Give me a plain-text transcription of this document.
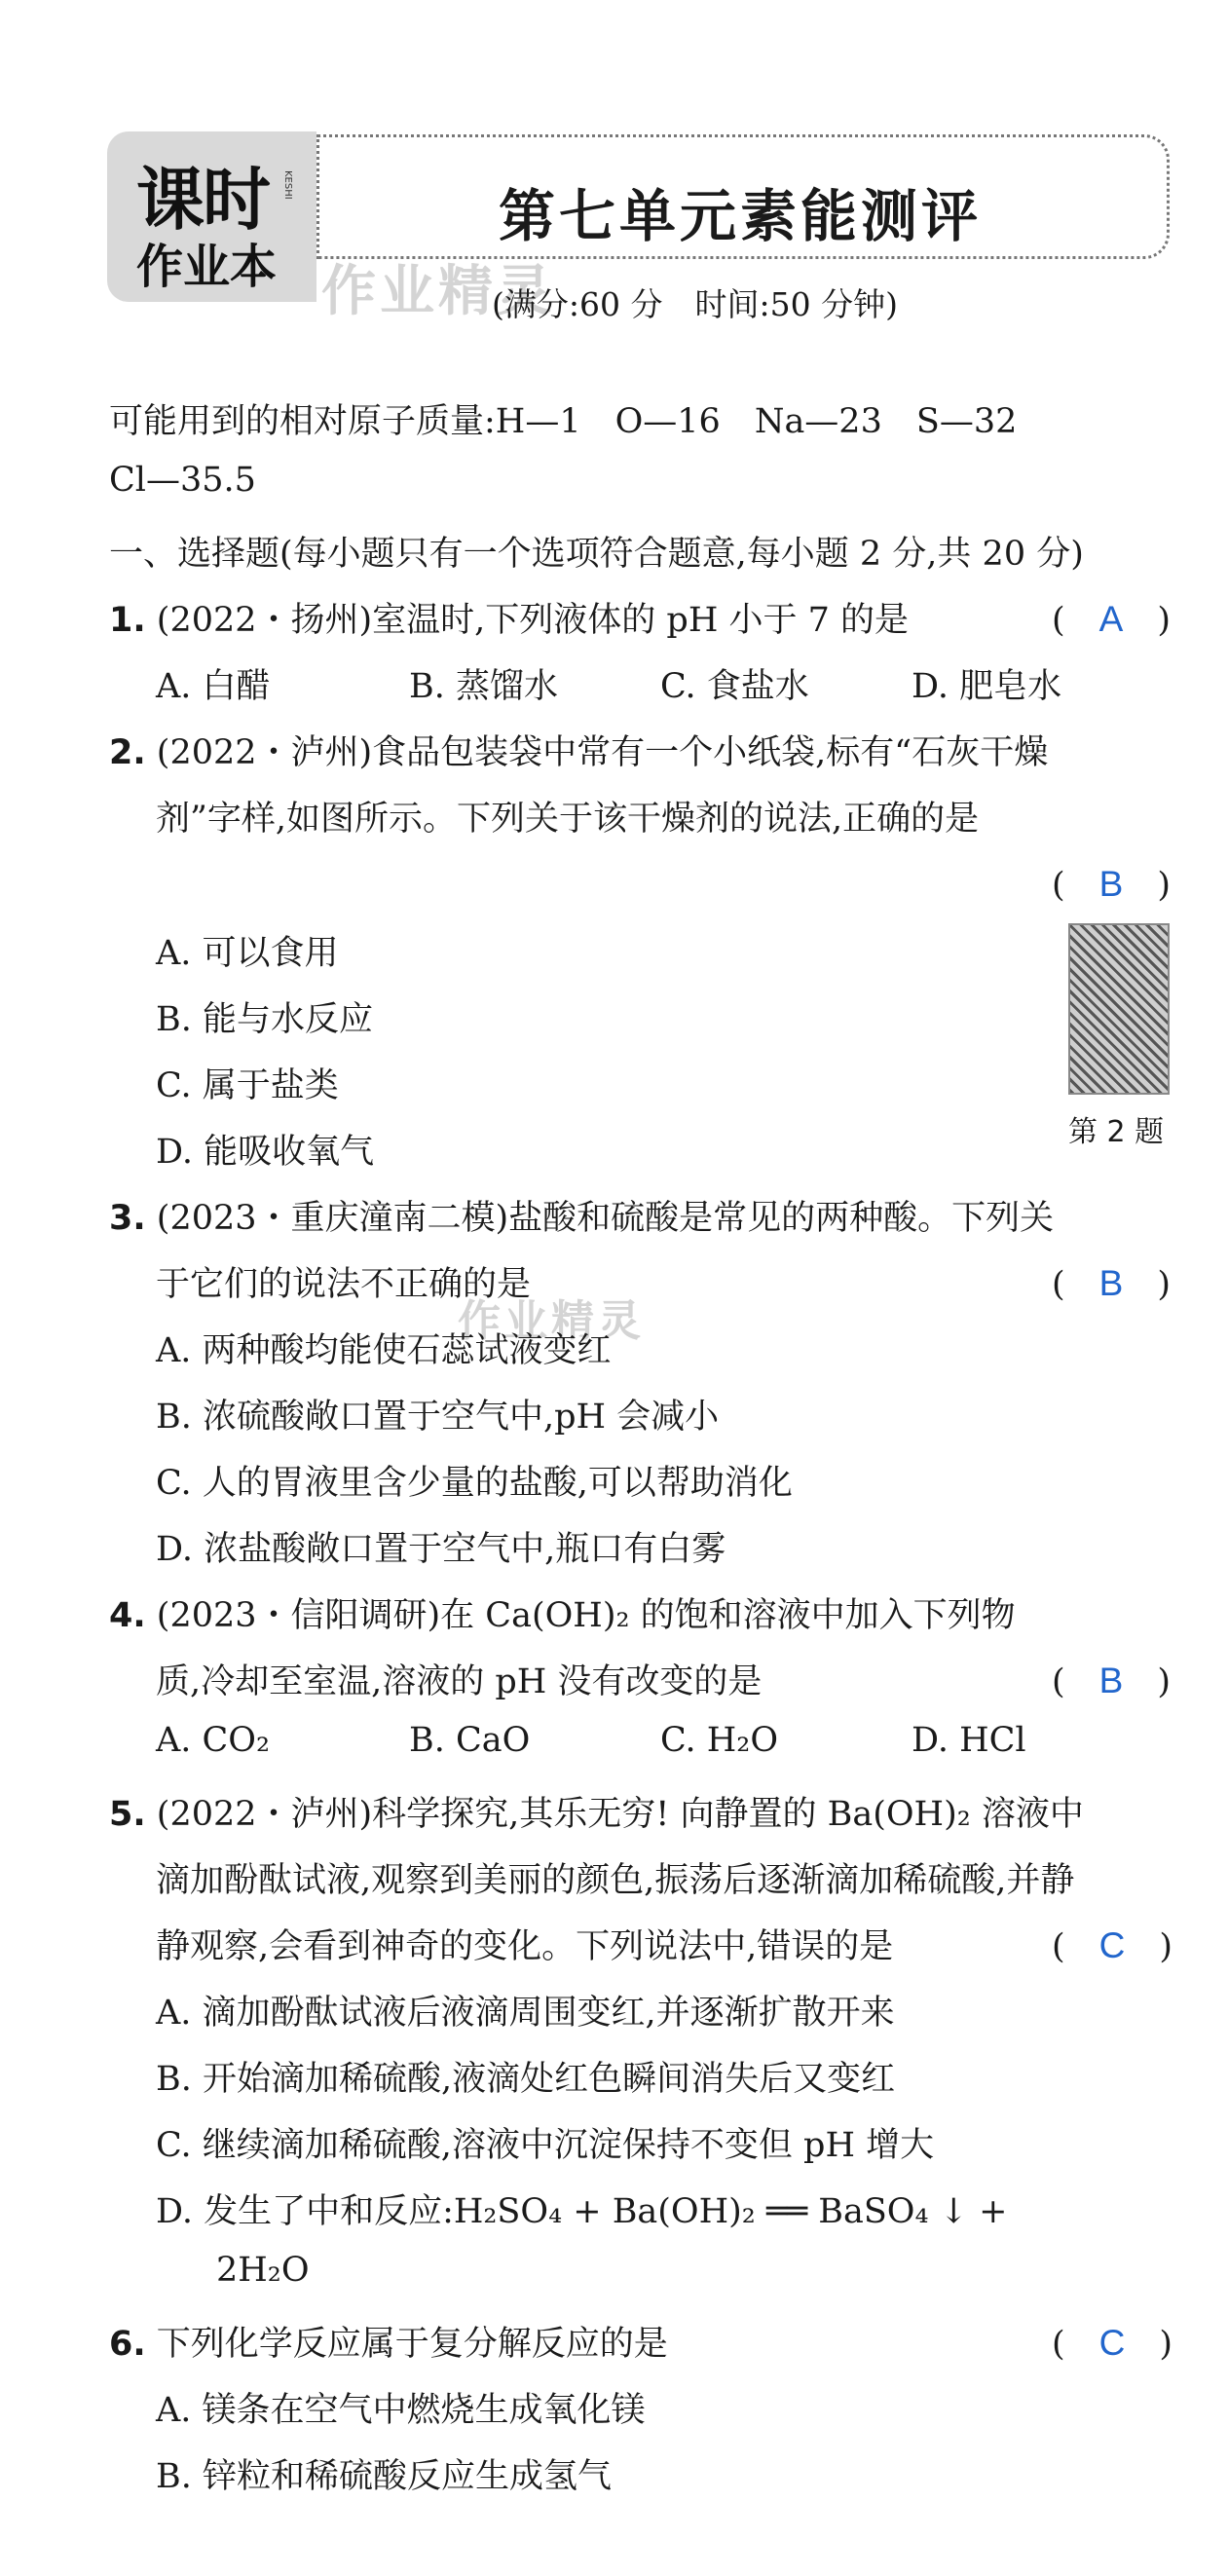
课时
作业本
KESHI	第七单元素能测评
作业精灵
(满分:60 分　时间:50 分钟)
可能用到的相对原子质量:H—1　O—16　Na—23　S—32
Cl—35.5
一、选择题(每小题只有一个选项符合题意,每小题 2 分,共 20 分)
1. (2022・扬州)室温时,下列液体的 pH 小于 7 的是	(　 A　 )
A. 白醋	B. 蒸馏水	C. 食盐水	D. 肥皂水
2. (2022・泸州)食品包装袋中常有一个小纸袋,标有“石灰干燥
剂”字样,如图所示。下列关于该干燥剂的说法,正确的是
(　 B　 )
A. 可以食用
B. 能与水反应
C. 属于盐类
D. 能吸收氧气
第 2 题
3. (2023・重庆潼南二模)盐酸和硫酸是常见的两种酸。下列关
于它们的说法不正确的是	(　 B　 )
作业精灵
A. 两种酸均能使石蕊试液变红
B. 浓硫酸敞口置于空气中,pH 会减小
C. 人的胃液里含少量的盐酸,可以帮助消化
D. 浓盐酸敞口置于空气中,瓶口有白雾
4. (2023・信阳调研)在 Ca(OH)₂ 的饱和溶液中加入下列物
质,冷却至室温,溶液的 pH 没有改变的是	(　 B　 )
A. CO₂	B. CaO	C. H₂O	D. HCl
5. (2022・泸州)科学探究,其乐无穷! 向静置的 Ba(OH)₂ 溶液中
滴加酚酞试液,观察到美丽的颜色,振荡后逐渐滴加稀硫酸,并静
静观察,会看到神奇的变化。下列说法中,错误的是	(　 C　 )
A. 滴加酚酞试液后液滴周围变红,并逐渐扩散开来
B. 开始滴加稀硫酸,液滴处红色瞬间消失后又变红
C. 继续滴加稀硫酸,溶液中沉淀保持不变但 pH 增大
D. 发生了中和反应:H₂SO₄ + Ba(OH)₂ ══ BaSO₄ ↓ +
2H₂O
6. 下列化学反应属于复分解反应的是	(　 C　 )
A. 镁条在空气中燃烧生成氧化镁
B. 锌粒和稀硫酸反应生成氢气
